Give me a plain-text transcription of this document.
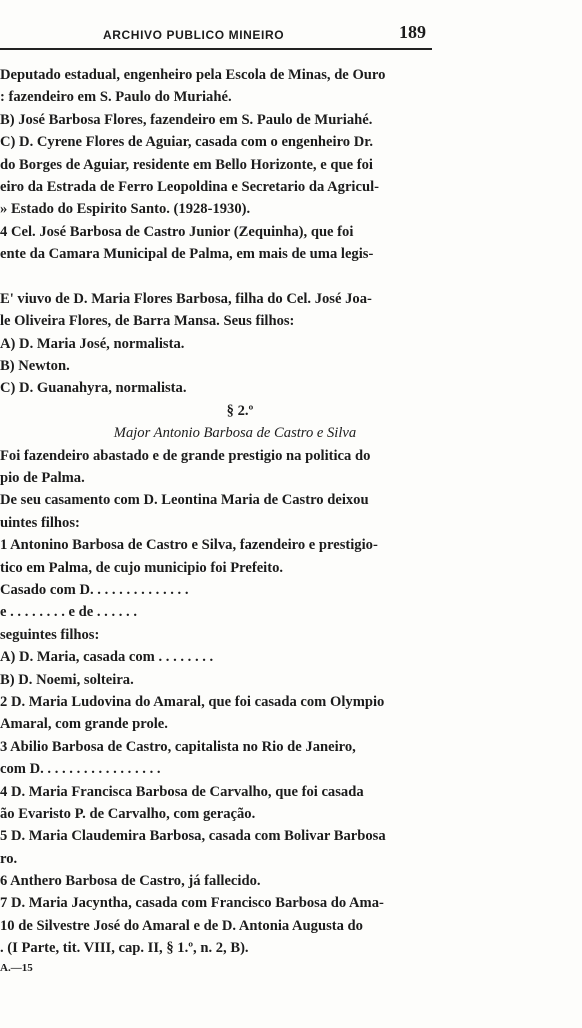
ARCHIVO PUBLICO MINEIRO	189
Deputado estadual, engenheiro pela Escola de Minas, de Ouro
: fazendeiro em S. Paulo do Muriahé.
B) José Barbosa Flores, fazendeiro em S. Paulo de Muriahé.
C) D. Cyrene Flores de Aguiar, casada com o engenheiro Dr.
do Borges de Aguiar, residente em Bello Horizonte, e que foi
eiro da Estrada de Ferro Leopoldina e Secretario da Agricul-
» Estado do Espirito Santo. (1928-1930).
4 Cel. José Barbosa de Castro Junior (Zequinha), que foi
ente da Camara Municipal de Palma, em mais de uma legis-
E' viuvo de D. Maria Flores Barbosa, filha do Cel. José Joa-
le Oliveira Flores, de Barra Mansa. Seus filhos:
A) D. Maria José, normalista.
B) Newton.
C) D. Guanahyra, normalista.
§ 2.º
Major Antonio Barbosa de Castro e Silva
Foi fazendeiro abastado e de grande prestigio na politica do
pio de Palma.
De seu casamento com D. Leontina Maria de Castro deixou
uintes filhos:
1 Antonino Barbosa de Castro e Silva, fazendeiro e prestigio-
tico em Palma, de cujo municipio foi Prefeito.
Casado com D. . . . . . . . . . . . . .
e . . . . . . . . e de . . . . . .
seguintes filhos:
A) D. Maria, casada com . . . . . . . .
B) D. Noemi, solteira.
2 D. Maria Ludovina do Amaral, que foi casada com Olympio
Amaral, com grande prole.
3 Abilio Barbosa de Castro, capitalista no Rio de Janeiro,
com D. . . . . . . . . . . . . . . . .
4 D. Maria Francisca Barbosa de Carvalho, que foi casada
ão Evaristo P. de Carvalho, com geração.
5 D. Maria Claudemira Barbosa, casada com Bolivar Barbosa
ro.
6 Anthero Barbosa de Castro, já fallecido.
7 D. Maria Jacyntha, casada com Francisco Barbosa do Ama-
10 de Silvestre José do Amaral e de D. Antonia Augusta do
. (I Parte, tit. VIII, cap. II, § 1.º, n. 2, B).
A.—15
